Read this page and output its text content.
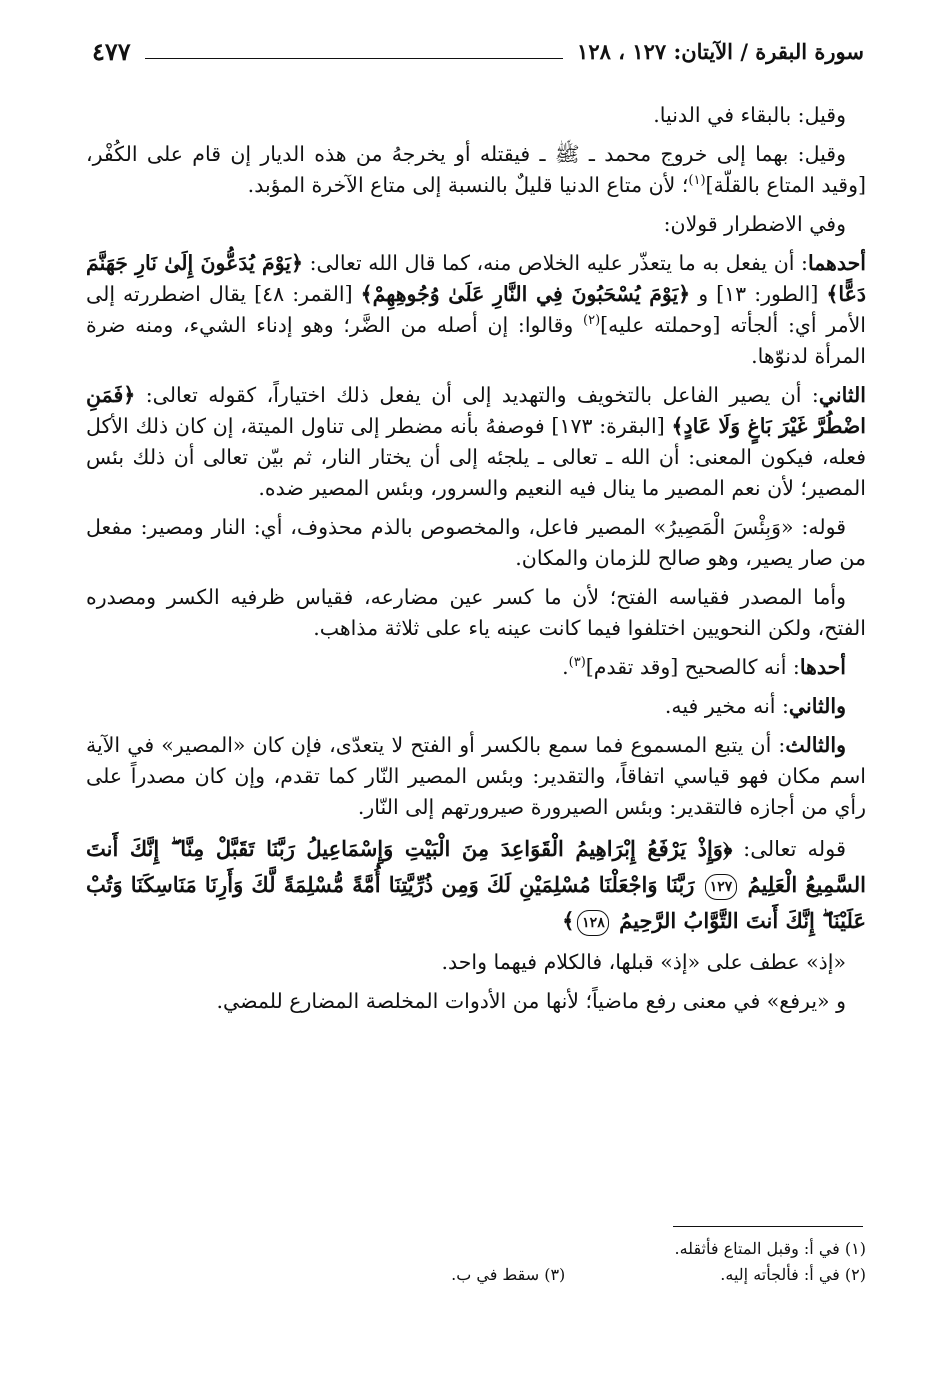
سورة البقرة / الآيتان: ١٢٧ ، ١٢٨
٤٧٧

وقيل: بالبقاء في الدنيا.

وقيل: بهما إلى خروج محمد ـ ﷺ ـ فيقتله أو يخرجهُ من هذه الديار إن قام على الكُفْر، [وقيد المتاع بالقلّة]$^{(١)}$؛ لأن متاع الدنيا قليلٌ بالنسبة إلى متاع الآخرة المؤبد.

وفي الاضطرار قولان:

أحدهما: أن يفعل به ما يتعذّر عليه الخلاص منه، كما قال الله تعالى: ﴿يَوْمَ يُدَعُّونَ إِلَىٰ نَارِ جَهَنَّمَ دَعًّا﴾ [الطور: ١٣] و ﴿يَوْمَ يُسْحَبُونَ فِي النَّارِ عَلَىٰ وُجُوهِهِمْ﴾ [القمر: ٤٨] يقال اضطررته إلى الأمر أي: ألجأته [وحملته عليه]$^{(٢)}$ وقالوا: إن أصله من الضَّر؛ وهو إدناء الشيء، ومنه ضرة المرأة لدنوّها.

الثاني: أن يصير الفاعل بالتخويف والتهديد إلى أن يفعل ذلك اختياراً، كقوله تعالى: ﴿فَمَنِ اضْطُرَّ غَيْرَ بَاغٍ وَلَا عَادٍ﴾ [البقرة: ١٧٣] فوصفهُ بأنه مضطر إلى تناول الميتة، إن كان ذلك الأكل فعله، فيكون المعنى: أن الله ـ تعالى ـ يلجئه إلى أن يختار النار، ثم بيّن تعالى أن ذلك بئس المصير؛ لأن نعم المصير ما ينال فيه النعيم والسرور، وبئس المصير ضده.

قوله: «وَبِئْسَ الْمَصِيرُ» المصير فاعل، والمخصوص بالذم محذوف، أي: النار ومصير: مفعل من صار يصير، وهو صالح للزمان والمكان.

وأما المصدر فقياسه الفتح؛ لأن ما كسر عين مضارعه، فقياس ظرفيه الكسر ومصدره الفتح، ولكن النحويين اختلفوا فيما كانت عينه ياء على ثلاثة مذاهب.

أحدها: أنه كالصحيح [وقد تقدم]$^{(٣)}$.

والثاني: أنه مخير فيه.

والثالث: أن يتبع المسموع فما سمع بالكسر أو الفتح لا يتعدّى، فإن كان «المصير» في الآية اسم مكان فهو قياسي اتفاقاً، والتقدير: وبئس المصير النّار كما تقدم، وإن كان مصدراً على رأي من أجازه فالتقدير: وبئس الصيرورة صيرورتهم إلى النّار.

قوله تعالى: ﴿وَإِذْ يَرْفَعُ إِبْرَاهِيمُ الْقَوَاعِدَ مِنَ الْبَيْتِ وَإِسْمَاعِيلُ رَبَّنَا تَقَبَّلْ مِنَّا ۖ إِنَّكَ أَنتَ السَّمِيعُ الْعَلِيمُ ١٢٧ رَبَّنَا وَاجْعَلْنَا مُسْلِمَيْنِ لَكَ وَمِن ذُرِّيَّتِنَا أُمَّةً مُّسْلِمَةً لَّكَ وَأَرِنَا مَنَاسِكَنَا وَتُبْ عَلَيْنَا ۖ إِنَّكَ أَنتَ التَّوَّابُ الرَّحِيمُ ١٢٨﴾

«إذ» عطف على «إذ» قبلها، فالكلام فيهما واحد.

و «يرفع» في معنى رفع ماضياً؛ لأنها من الأدوات المخلصة المضارع للمضي.

(١) في أ: وقبل المتاع فأثقله.
(٢) في أ: فألجأته إليه.
(٣) سقط في ب.
